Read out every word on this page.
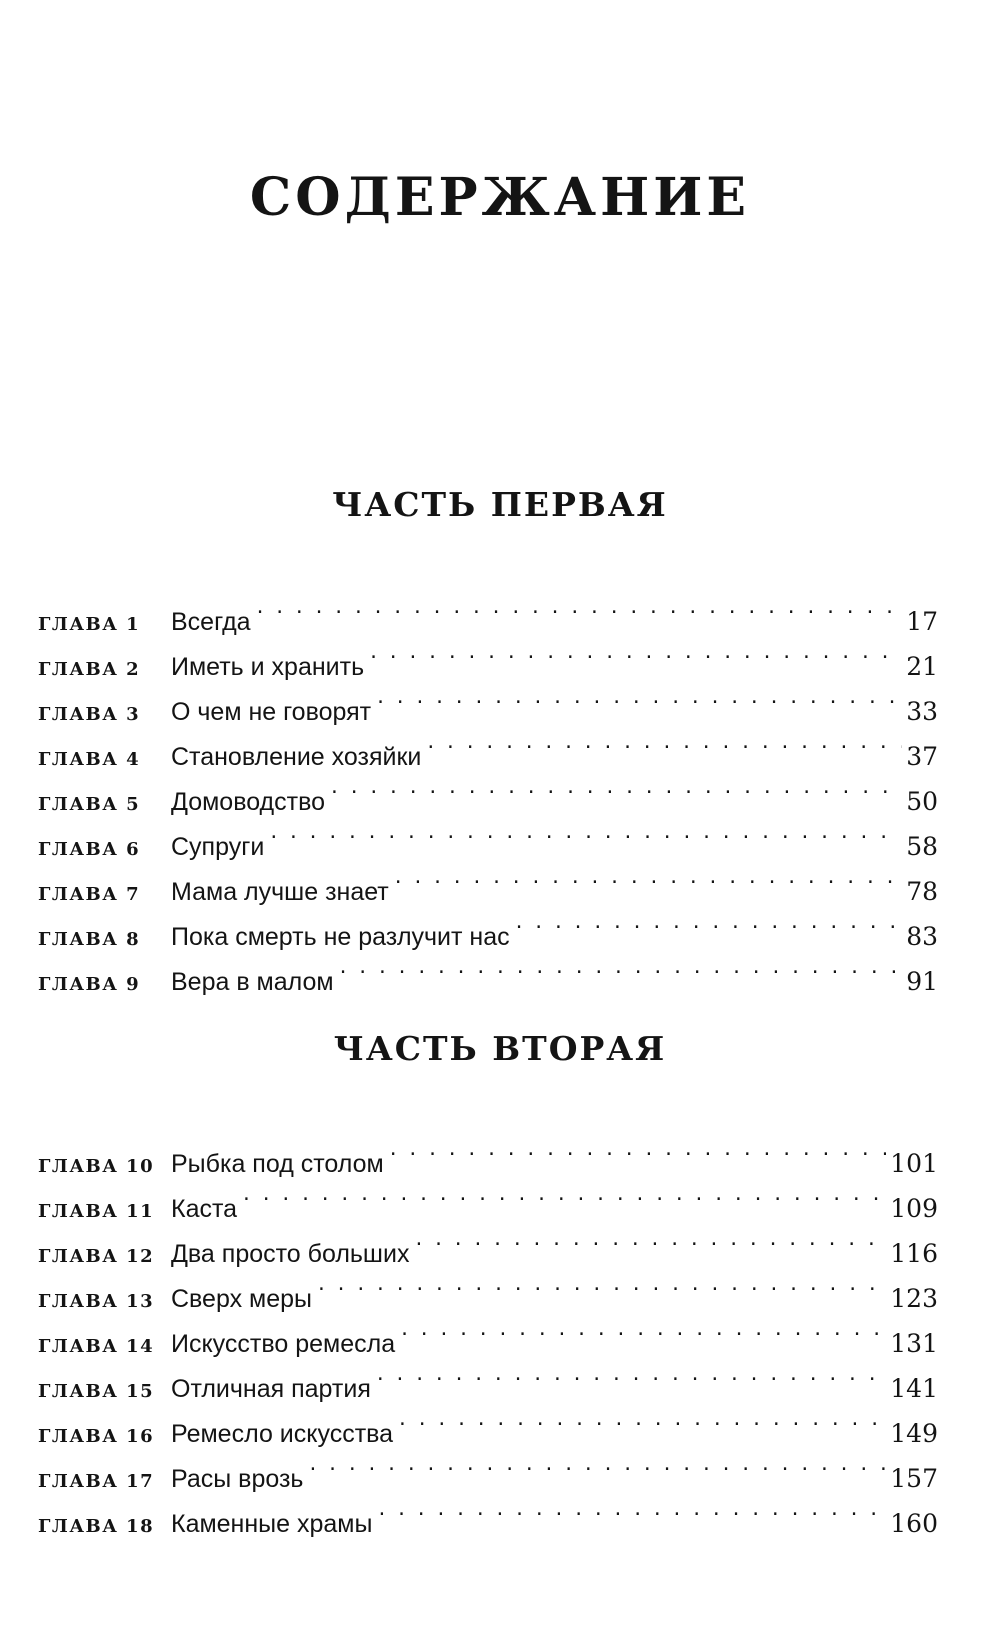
СОДЕРЖАНИЕ
ЧАСТЬ ПЕРВАЯ
ГЛАВА 1	Всегда . . .	17
ГЛАВА 2	Иметь и хранить . . .	21
ГЛАВА 3	О чем не говорят . . .	33
ГЛАВА 4	Становление хозяйки . . .	37
ГЛАВА 5	Домоводство . . .	50
ГЛАВА 6	Супруги . . .	58
ГЛАВА 7	Мама лучше знает . . .	78
ГЛАВА 8	Пока смерть не разлучит нас . . .	83
ГЛАВА 9	Вера в малом . . .	91
ЧАСТЬ ВТОРАЯ
ГЛАВА 10 Рыбка под столом . . .	101
ГЛАВА 11 Каста . . .	109
ГЛАВА 12 Два просто больших . . .	116
ГЛАВА 13 Сверх меры . . .	123
ГЛАВА 14 Искусство ремесла . . .	131
ГЛАВА 15 Отличная партия . . .	141
ГЛАВА 16 Ремесло искусства . . .	149
ГЛАВА 17 Расы врозь . . .	157
ГЛАВА 18 Каменные храмы . . .	160
